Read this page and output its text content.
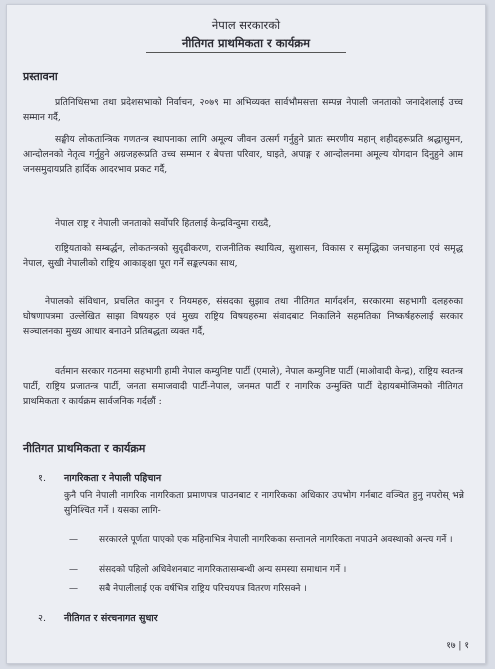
नेपाल सरकारको
नीतिगत प्राथमिकता र कार्यक्रम
प्रस्तावना
प्रतिनिधिसभा तथा प्रदेशसभाको निर्वाचन, २०७९ मा अभिव्यक्त सार्वभौमसत्ता सम्पन्न नेपाली जनताको जनादेशलाई उच्च सम्मान गर्दै,
सङ्घीय लोकतान्त्रिक गणतन्त्र स्थापनाका लागि अमूल्य जीवन उत्सर्ग गर्नुहुने प्रातः स्मरणीय महान् शहीदहरूप्रति श्रद्धासुमन, आन्दोलनको नेतृत्व गर्नुहुने अग्रजहरूप्रति उच्च सम्मान र बेपत्ता परिवार, घाइते, अपाङ्ग र आन्दोलनमा अमूल्य योगदान दिनुहुने आम जनसमुदायप्रति हार्दिक आदरभाव प्रकट गर्दै,
नेपाल राष्ट्र र नेपाली जनताको सर्वोपरि हितलाई केन्द्रविन्दुमा राख्दै,
राष्ट्रियताको सम्बर्द्धन, लोकतन्त्रको सुदृढीकरण, राजनीतिक स्थायित्व, सुशासन, विकास र समृद्धिका जनचाहना एवं समृद्ध नेपाल, सुखी नेपालीको राष्ट्रिय आकाङ्क्षा पूरा गर्ने सङ्कल्पका साथ,
नेपालको संविधान, प्रचलित कानुन र नियमहरु, संसदका सुझाव तथा नीतिगत मार्गदर्शन, सरकारमा सहभागी दलहरुका घोषणापत्रमा उल्लेखित साझा विषयहरु एवं मुख्य राष्ट्रिय विषयहरुमा संवादबाट निकालिने सहमतिका निष्कर्षहरुलाई सरकार सञ्चालनका मुख्य आधार बनाउने प्रतिबद्धता व्यक्त गर्दै,
वर्तमान सरकार गठनमा सहभागी हामी नेपाल कम्युनिष्ट पार्टी (एमाले), नेपाल कम्युनिष्ट पार्टी (माओवादी केन्द्र), राष्ट्रिय स्वतन्त्र पार्टी, राष्ट्रिय प्रजातन्त्र पार्टी, जनता समाजवादी पार्टी-नेपाल, जनमत पार्टी र नागरिक उन्मुक्ति पार्टी देहायबमोजिमको नीतिगत प्राथमिकता र कार्यक्रम सार्वजनिक गर्दछौं :
नीतिगत प्राथमिकता र कार्यक्रम
१. नागरिकता र नेपाली पहिचान
कुनै पनि नेपाली नागरिक नागरिकता प्रमाणपत्र पाउनबाट र नागरिकका अधिकार उपभोग गर्नबाट वञ्चित हुनु नपरोस् भन्ने सुनिश्चित गर्ने । यसका लागि-
— सरकारले पूर्णता पाएको एक महिनाभित्र नेपाली नागरिकका सन्तानले नागरिकता नपाउने अवस्थाको अन्त्य गर्ने ।
— संसदको पहिलो अधिवेशनबाट नागरिकतासम्बन्धी अन्य समस्या समाधान गर्ने ।
— सबै नेपालीलाई एक वर्षभित्र राष्ट्रिय परिचयपत्र वितरण गरिसक्ने ।
२. नीतिगत र संरचनागत सुधार
१७ | १
